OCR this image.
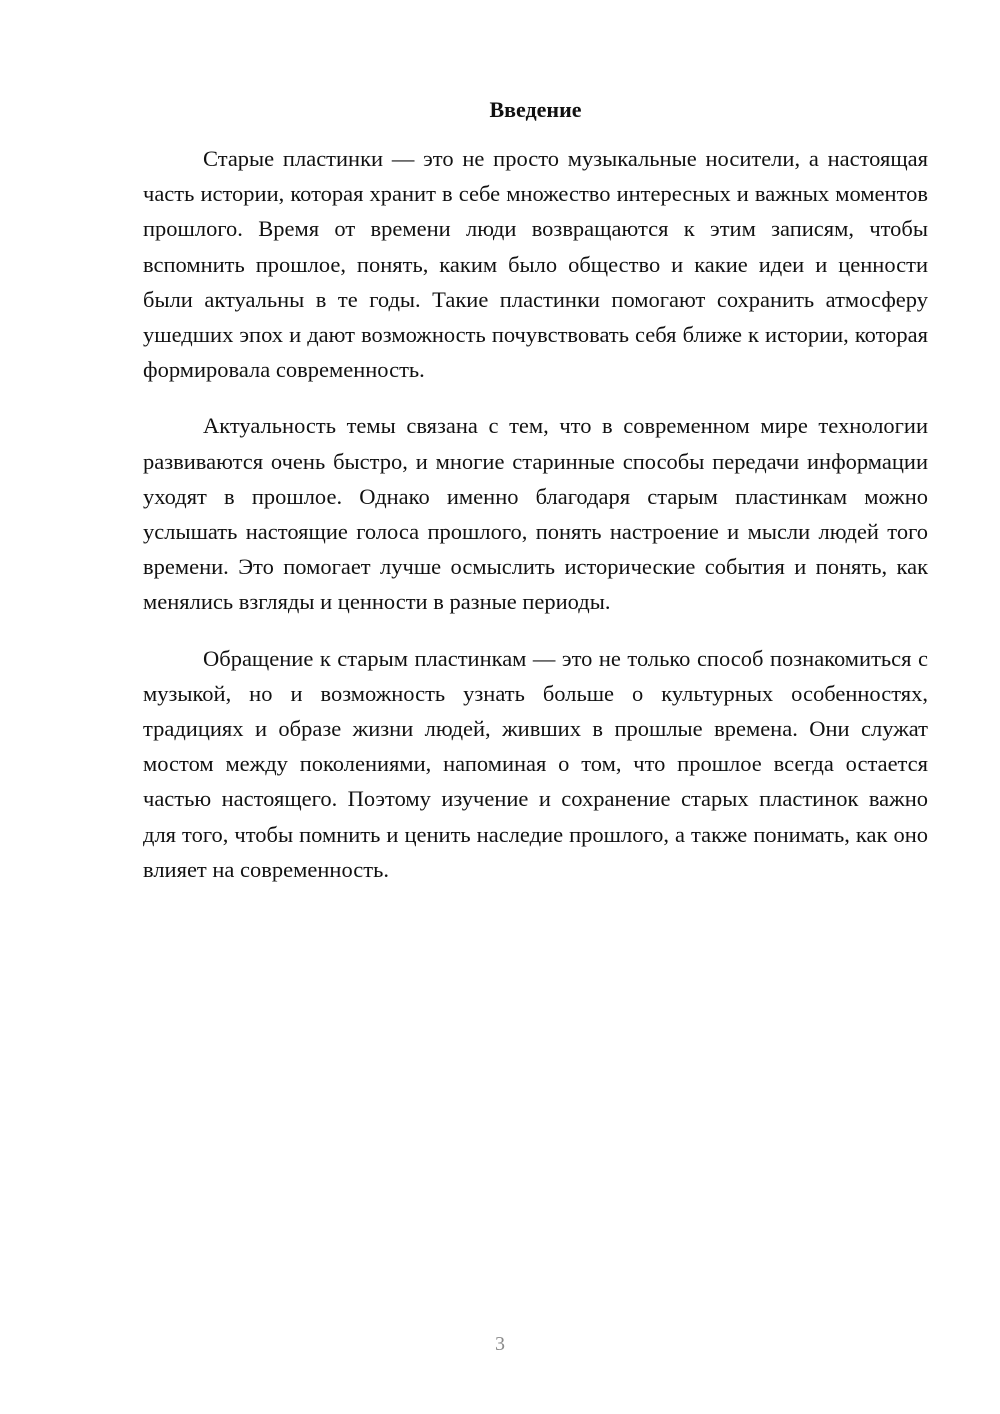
Введение

Старые пластинки — это не просто музыкальные носители, а настоящая часть истории, которая хранит в себе множество интересных и важных моментов прошлого. Время от времени люди возвращаются к этим записям, чтобы вспомнить прошлое, понять, каким было общество и какие идеи и ценности были актуальны в те годы. Такие пластинки помогают сохранить атмосферу ушедших эпох и дают возможность почувствовать себя ближе к истории, которая формировала современность.

Актуальность темы связана с тем, что в современном мире технологии развиваются очень быстро, и многие старинные способы передачи информации уходят в прошлое. Однако именно благодаря старым пластинкам можно услышать настоящие голоса прошлого, понять настроение и мысли людей того времени. Это помогает лучше осмыслить исторические события и понять, как менялись взгляды и ценности в разные периоды.

Обращение к старым пластинкам — это не только способ познакомиться с музыкой, но и возможность узнать больше о культурных особенностях, традициях и образе жизни людей, живших в прошлые времена. Они служат мостом между поколениями, напоминая о том, что прошлое всегда остается частью настоящего. Поэтому изучение и сохранение старых пластинок важно для того, чтобы помнить и ценить наследие прошлого, а также понимать, как оно влияет на современность.

3
